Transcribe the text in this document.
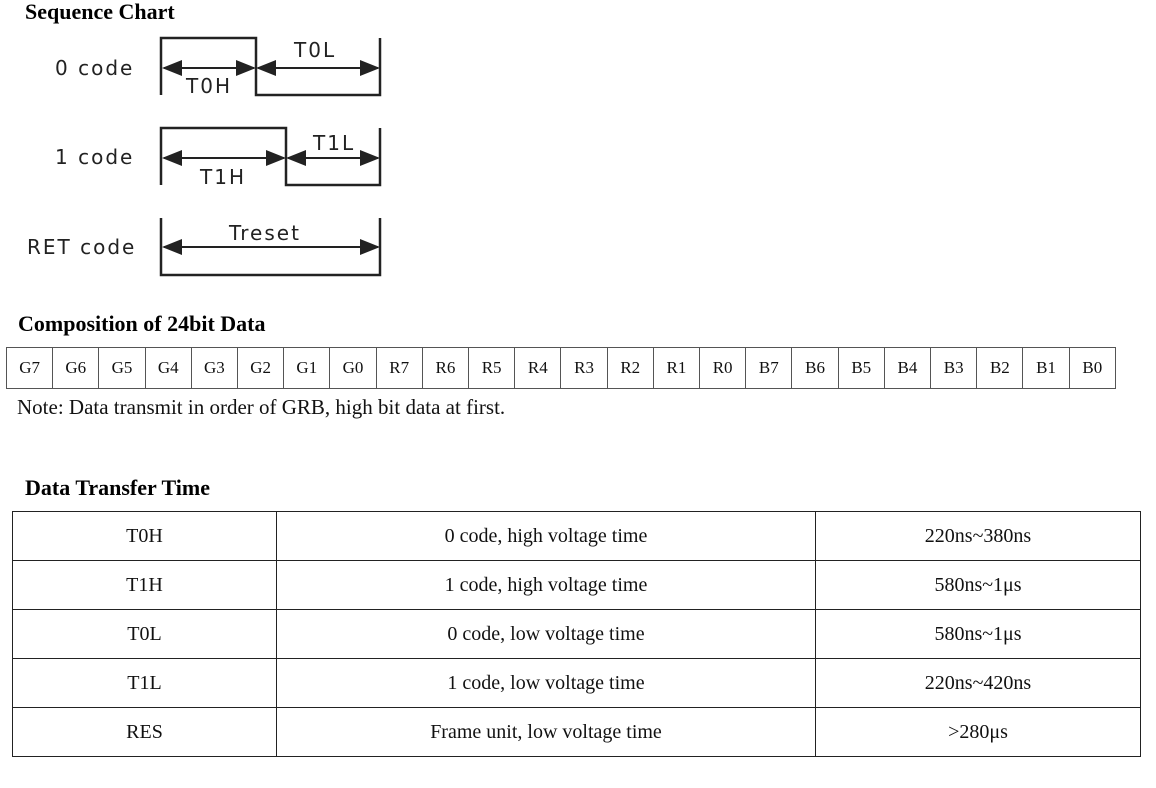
Sequence Chart
0 code
T0H
T0L
1 code
T1H
T1L
RET code
Treset
Composition of 24bit Data
G7	G6	G5	G4	G3	G2	G1	G0	R7	R6	R5	R4	R3	R2	R1	R0	B7	B6	B5	B4	B3	B2	B1	B0

Note: Data transmit in order of GRB, high bit data at first.

Data Transfer Time
T0H	0 code, high voltage time	220ns~380ns
T1H	1 code, high voltage time	580ns~1μs
T0L	0 code, low voltage time	580ns~1μs
T1L	1 code, low voltage time	220ns~420ns
RES	Frame unit, low voltage time	>280μs
